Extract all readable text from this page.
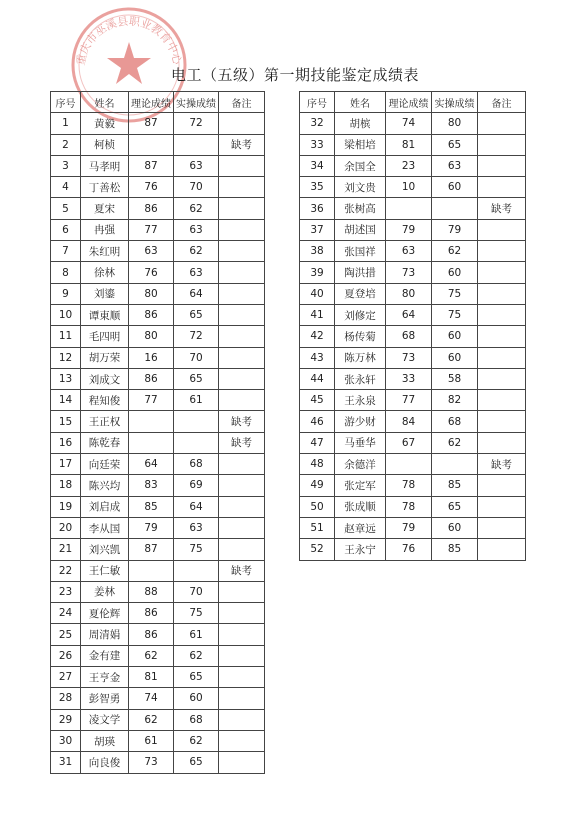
重庆市巫溪县职业教育中心
电工（五级）第一期技能鉴定成绩表
序号	姓名	理论成绩	实操成绩	备注
1	黄毅	87	72	
2	柯桢			缺考
3	马孝明	87	63	
4	丁善松	76	70	
5	夏宋	86	62	
6	冉强	77	63	
7	朱红明	63	62	
8	徐林	76	63	
9	刘鎏	80	64	
10	谭東顺	86	65	
11	毛四明	80	72	
12	胡万荣	16	70	
13	刘成文	86	65	
14	程知俊	77	61	
15	王正权			缺考
16	陈乾春			缺考
17	向廷荣	64	68	
18	陈兴均	83	69	
19	刘启成	85	64	
20	李从国	79	63	
21	刘兴凯	87	75	
22	王仁敏			缺考
23	姜林	88	70	
24	夏伦辉	86	75	
25	周清娟	86	61	
26	金有建	62	62	
27	王亨金	81	65	
28	彭智勇	74	60	
29	凌文学	62	68	
30	胡瑛	61	62	
31	向良俊	73	65	
序号	姓名	理论成绩	实操成绩	备注
32	胡槟	74	80	
33	梁相培	81	65	
34	余国全	23	63	
35	刘文贵	10	60	
36	张树高			缺考
37	胡述国	79	79	
38	张国祥	63	62	
39	陶洪措	73	60	
40	夏登培	80	75	
41	刘修定	64	75	
42	杨传菊	68	60	
43	陈万林	73	60	
44	张永轩	33	58	
45	王永泉	77	82	
46	游少财	84	68	
47	马垂华	67	62	
48	余德洋			缺考
49	张定军	78	85	
50	张成顺	78	65	
51	赵章远	79	60	
52	王永宁	76	85	
